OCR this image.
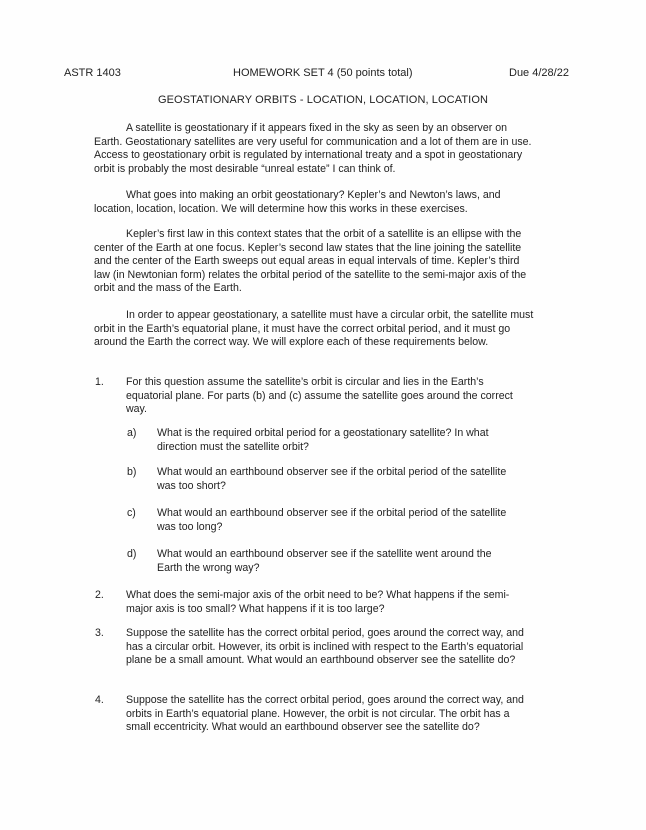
ASTR 1403	HOMEWORK SET 4 (50 points total)	Due 4/28/22
GEOSTATIONARY ORBITS - LOCATION, LOCATION, LOCATION

A satellite is geostationary if it appears fixed in the sky as seen by an observer on Earth. Geostationary satellites are very useful for communication and a lot of them are in use. Access to geostationary orbit is regulated by international treaty and a spot in geostationary orbit is probably the most desirable “unreal estate” I can think of.

What goes into making an orbit geostationary? Kepler’s and Newton’s laws, and location, location, location. We will determine how this works in these exercises.

Kepler’s first law in this context states that the orbit of a satellite is an ellipse with the center of the Earth at one focus. Kepler’s second law states that the line joining the satellite and the center of the Earth sweeps out equal areas in equal intervals of time. Kepler’s third law (in Newtonian form) relates the orbital period of the satellite to the semi-major axis of the orbit and the mass of the Earth.

In order to appear geostationary, a satellite must have a circular orbit, the satellite must orbit in the Earth’s equatorial plane, it must have the correct orbital period, and it must go around the Earth the correct way. We will explore each of these requirements below.

1. For this question assume the satellite’s orbit is circular and lies in the Earth’s equatorial plane. For parts (b) and (c) assume the satellite goes around the correct way.
a) What is the required orbital period for a geostationary satellite? In what direction must the satellite orbit?
b) What would an earthbound observer see if the orbital period of the satellite was too short?
c) What would an earthbound observer see if the orbital period of the satellite was too long?
d) What would an earthbound observer see if the satellite went around the Earth the wrong way?
2. What does the semi-major axis of the orbit need to be? What happens if the semi-major axis is too small? What happens if it is too large?
3. Suppose the satellite has the correct orbital period, goes around the correct way, and has a circular orbit. However, its orbit is inclined with respect to the Earth’s equatorial plane be a small amount. What would an earthbound observer see the satellite do?
4. Suppose the satellite has the correct orbital period, goes around the correct way, and orbits in Earth’s equatorial plane. However, the orbit is not circular. The orbit has a small eccentricity. What would an earthbound observer see the satellite do?
